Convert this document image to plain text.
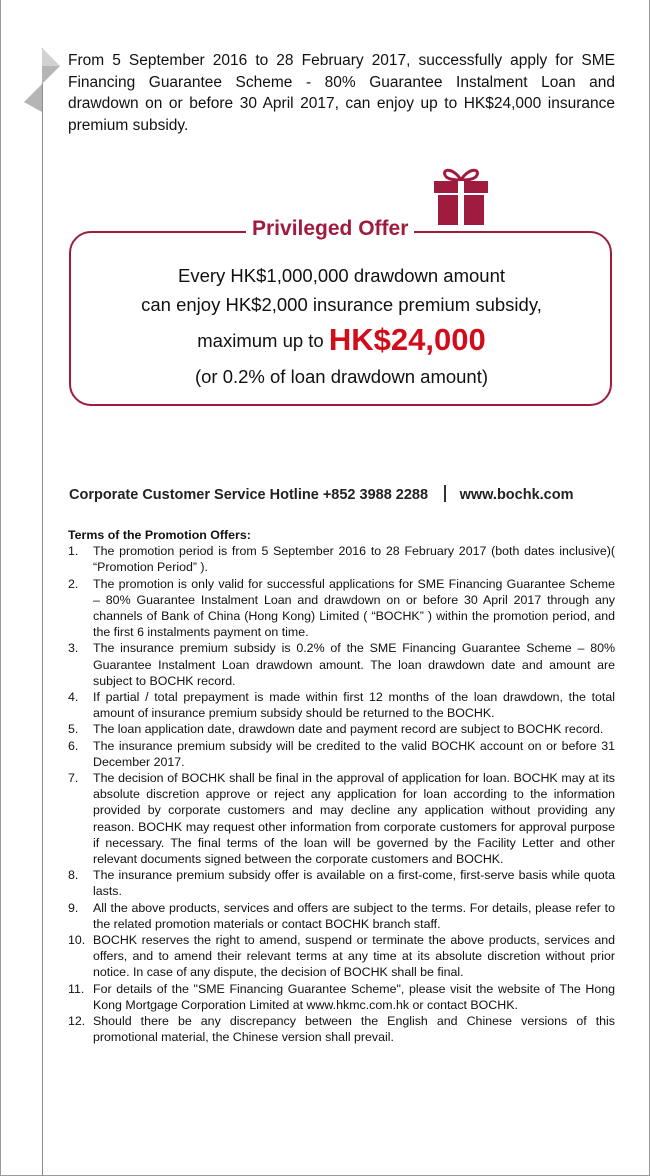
From 5 September 2016 to 28 February 2017, successfully apply for SME Financing Guarantee Scheme - 80% Guarantee Instalment Loan and drawdown on or before 30 April 2017, can enjoy up to HK$24,000 insurance premium subsidy.

Privileged Offer
Every HK$1,000,000 drawdown amount
can enjoy HK$2,000 insurance premium subsidy,
maximum up to HK$24,000
(or 0.2% of loan drawdown amount)
Corporate Customer Service Hotline +852 3988 2288 www.bochk.com

Terms of the Promotion Offers:

1.	The promotion period is from 5 September 2016 to 28 February 2017 (both dates inclusive)( “Promotion Period” ).
2.	The promotion is only valid for successful applications for SME Financing Guarantee Scheme – 80% Guarantee Instalment Loan and drawdown on or before 30 April 2017 through any channels of Bank of China (Hong Kong) Limited ( “BOCHK” ) within the promotion period, and the first 6 instalments payment on time.
3.	The insurance premium subsidy is 0.2% of the SME Financing Guarantee Scheme – 80% Guarantee Instalment Loan drawdown amount. The loan drawdown date and amount are subject to BOCHK record.
4.	If partial / total prepayment is made within first 12 months of the loan drawdown, the total amount of insurance premium subsidy should be returned to the BOCHK.
5.	The loan application date, drawdown date and payment record are subject to BOCHK record.
6.	The insurance premium subsidy will be credited to the valid BOCHK account on or before 31 December 2017.
7.	The decision of BOCHK shall be final in the approval of application for loan. BOCHK may at its absolute discretion approve or reject any application for loan according to the information provided by corporate customers and may decline any application without providing any reason. BOCHK may request other information from corporate customers for approval purpose if necessary. The final terms of the loan will be governed by the Facility Letter and other relevant documents signed between the corporate customers and BOCHK.
8.	The insurance premium subsidy offer is available on a first-come, first-serve basis while quota lasts.
9.	All the above products, services and offers are subject to the terms. For details, please refer to the related promotion materials or contact BOCHK branch staff.
10. BOCHK reserves the right to amend, suspend or terminate the above products, services and offers, and to amend their relevant terms at any time at its absolute discretion without prior notice. In case of any dispute, the decision of BOCHK shall be final.
11. For details of the "SME Financing Guarantee Scheme", please visit the website of The Hong Kong Mortgage Corporation Limited at www.hkmc.com.hk or contact BOCHK.
12. Should there be any discrepancy between the English and Chinese versions of this promotional material, the Chinese version shall prevail.
